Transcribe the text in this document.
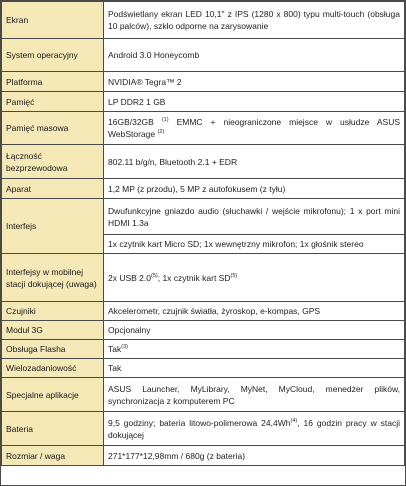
Ekran	Podświetlany ekran LED 10,1" z IPS (1280 x 800) typu multi-touch (obsługa 10 palców), szkło odporne na zarysowanie
System operacyjny	Android 3.0 Honeycomb
Platforma	NVIDIA® Tegra™ 2
Pamięć	LP DDR2 1 GB
Pamięć masowa	16GB/32GB $^{(1)}$ EMMC + nieograniczone miejsce w usłudze ASUS WebStorage $^{(2)}$
Łączność bezprzewodowa	802.11 b/g/n, Bluetooth 2.1 + EDR
Aparat	1,2 MP (z przodu), 5 MP z autofokusem (z tyłu)
Interfejs	Dwufunkcyjne gniazdo audio (słuchawki / wejście mikrofonu); 1 x port mini HDMI 1.3a
	1x czytnik kart Micro SD; 1x wewnętrzny mikrofon; 1x głośnik stereo
Interfejsy w mobilnej stacji dokującej (uwaga)	2x USB 2.0$^{(5)}$; 1x czytnik kart SD$^{(5)}$
Czujniki	Akcelerometr, czujnik światła, żyroskop, e-kompas, GPS
Moduł 3G	Opcjonalny
Obsługa Flasha	Tak$^{(3)}$
Wielozadaniowość	Tak
Specjalne aplikacje	ASUS Launcher, MyLibrary, MyNet, MyCloud, menedżer plików, synchronizacja z komputerem PC
Bateria	9,5 godziny; bateria litowo-polimerowa 24,4Wh$^{(4)}$, 16 godzin pracy w stacji dokującej
Rozmiar / waga	271*177*12,98mm / 680g (z bateria)
